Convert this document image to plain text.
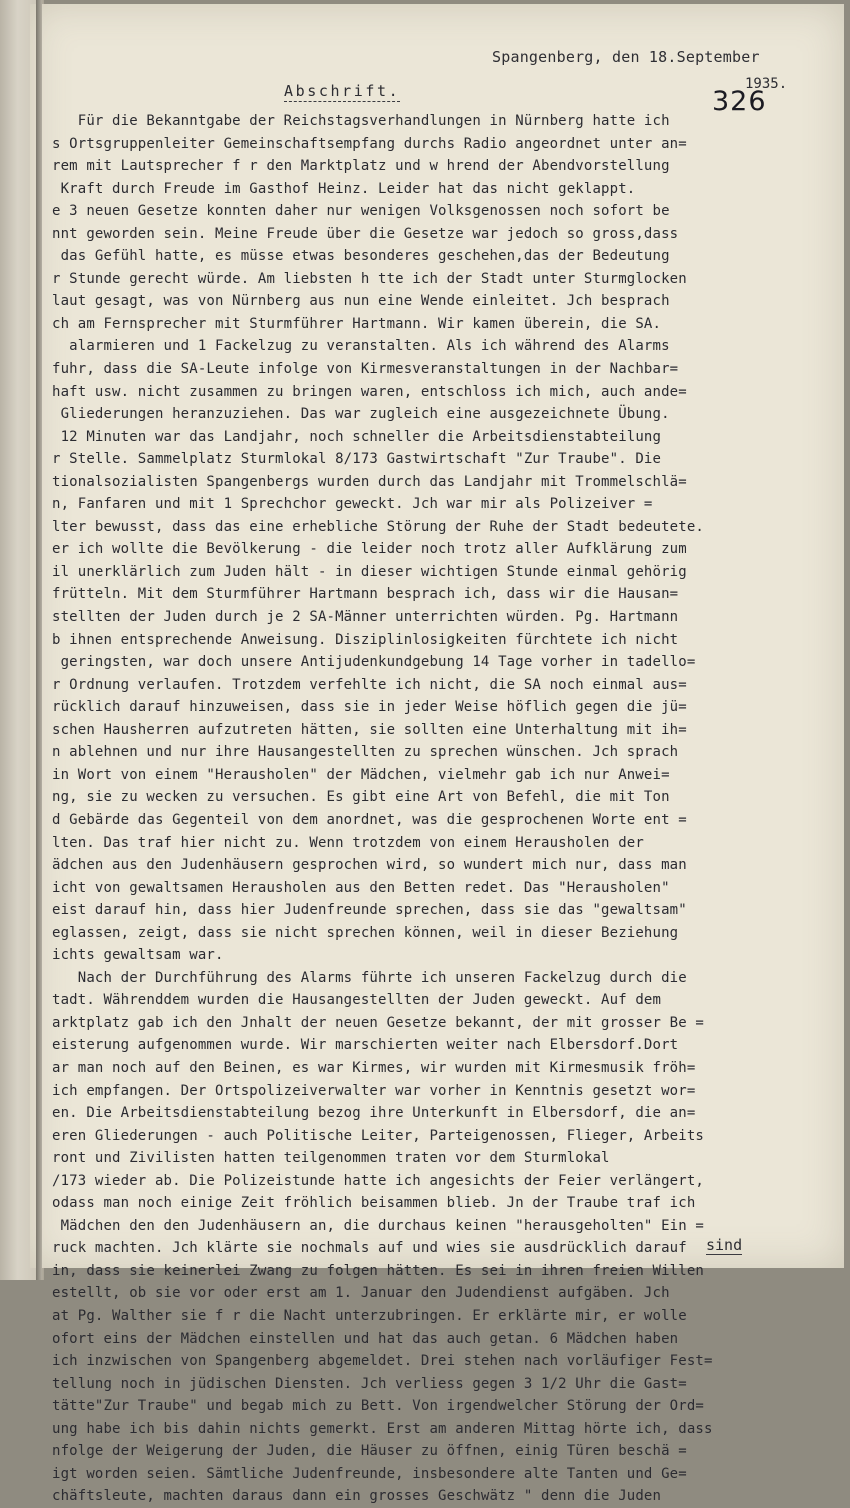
Spangenberg, den 18.September
1935.
326
Abschrift.
Für die Bekanntgabe der Reichstagsverhandlungen in Nürnberg hatte ich
s Ortsgruppenleiter Gemeinschaftsempfang durchs Radio angeordnet unter an=
rem mit Lautsprecher f r den Marktplatz und w hrend der Abendvorstellung
Kraft durch Freude im Gasthof Heinz. Leider hat das nicht geklappt.
e 3 neuen Gesetze konnten daher nur wenigen Volksgenossen noch sofort be
nnt geworden sein. Meine Freude über die Gesetze war jedoch so gross,dass
das Gefühl hatte, es müsse etwas besonderes geschehen,das der Bedeutung
r Stunde gerecht würde. Am liebsten h tte ich der Stadt unter Sturmglocken
laut gesagt, was von Nürnberg aus nun eine Wende einleitet. Jch besprach
ch am Fernsprecher mit Sturmführer Hartmann. Wir kamen überein, die SA.
alarmieren und 1 Fackelzug zu veranstalten. Als ich während des Alarms
fuhr, dass die SA-Leute infolge von Kirmesveranstaltungen in der Nachbar=
haft usw. nicht zusammen zu bringen waren, entschloss ich mich, auch ande=
Gliederungen heranzuziehen. Das war zugleich eine ausgezeichnete Übung.
12 Minuten war das Landjahr, noch schneller die Arbeitsdienstabteilung
r Stelle. Sammelplatz Sturmlokal 8/173 Gastwirtschaft "Zur Traube". Die
tionalsozialisten Spangenbergs wurden durch das Landjahr mit Trommelschlä=
n, Fanfaren und mit 1 Sprechchor geweckt. Jch war mir als Polizeiver =
lter bewusst, dass das eine erhebliche Störung der Ruhe der Stadt bedeutete.
er ich wollte die Bevölkerung - die leider noch trotz aller Aufklärung zum
il unerklärlich zum Juden hält - in dieser wichtigen Stunde einmal gehörig
frütteln. Mit dem Sturmführer Hartmann besprach ich, dass wir die Hausan=
stellten der Juden durch je 2 SA-Männer unterrichten würden. Pg. Hartmann
b ihnen entsprechende Anweisung. Disziplinlosigkeiten fürchtete ich nicht
geringsten, war doch unsere Antijudenkundgebung 14 Tage vorher in tadello=
r Ordnung verlaufen. Trotzdem verfehlte ich nicht, die SA noch einmal aus=
rücklich darauf hinzuweisen, dass sie in jeder Weise höflich gegen die jü=
schen Hausherren aufzutreten hätten, sie sollten eine Unterhaltung mit ih=
n ablehnen und nur ihre Hausangestellten zu sprechen wünschen. Jch sprach
in Wort von einem "Herausholen" der Mädchen, vielmehr gab ich nur Anwei=
ng, sie zu wecken zu versuchen. Es gibt eine Art von Befehl, die mit Ton
d Gebärde das Gegenteil von dem anordnet, was die gesprochenen Worte ent =
lten. Das traf hier nicht zu. Wenn trotzdem von einem Herausholen der
ädchen aus den Judenhäusern gesprochen wird, so wundert mich nur, dass man
icht von gewaltsamen Herausholen aus den Betten redet. Das "Herausholen"
eist darauf hin, dass hier Judenfreunde sprechen, dass sie das "gewaltsam"
eglassen, zeigt, dass sie nicht sprechen können, weil in dieser Beziehung
ichts gewaltsam war.
Nach der Durchführung des Alarms führte ich unseren Fackelzug durch die
tadt. Währenddem wurden die Hausangestellten der Juden geweckt. Auf dem
arktplatz gab ich den Jnhalt der neuen Gesetze bekannt, der mit grosser Be =
eisterung aufgenommen wurde. Wir marschierten weiter nach Elbersdorf.Dort
ar man noch auf den Beinen, es war Kirmes, wir wurden mit Kirmesmusik fröh=
ich empfangen. Der Ortspolizeiverwalter war vorher in Kenntnis gesetzt wor=
en. Die Arbeitsdienstabteilung bezog ihre Unterkunft in Elbersdorf, die an=
eren Gliederungen - auch Politische Leiter, Parteigenossen, Flieger, Arbeits
ront und Zivilisten hatten teilgenommen traten vor dem Sturmlokal
/173 wieder ab. Die Polizeistunde hatte ich angesichts der Feier verlängert,
odass man noch einige Zeit fröhlich beisammen blieb. Jn der Traube traf ich
Mädchen den den Judenhäusern an, die durchaus keinen "herausgeholten" Ein =
ruck machten. Jch klärte sie nochmals auf und wies sie ausdrücklich darauf
in, dass sie keinerlei Zwang zu folgen hätten. Es sei in ihren freien Willen
estellt, ob sie vor oder erst am 1. Januar den Judendienst aufgäben. Jch
at Pg. Walther sie f r die Nacht unterzubringen. Er erklärte mir, er wolle
ofort eins der Mädchen einstellen und hat das auch getan. 6 Mädchen haben
ich inzwischen von Spangenberg abgemeldet. Drei stehen nach vorläufiger Fest=
tellung noch in jüdischen Diensten. Jch verliess gegen 3 1/2 Uhr die Gast=
tätte"Zur Traube" und begab mich zu Bett. Von irgendwelcher Störung der Ord=
ung habe ich bis dahin nichts gemerkt. Erst am anderen Mittag hörte ich, dass
nfolge der Weigerung der Juden, die Häuser zu öffnen, einig Türen beschä =
igt worden seien. Sämtliche Judenfreunde, insbesondere alte Tanten und Ge=
chäftsleute, machten daraus dann ein grosses Geschwätz " denn die Juden
sind
